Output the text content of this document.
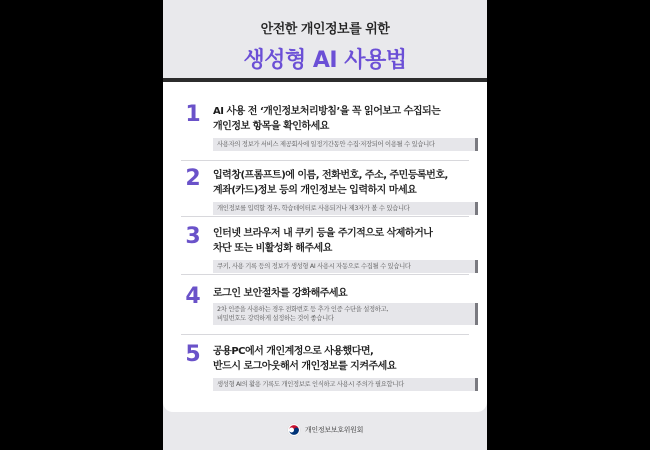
안전한 개인정보를 위한
생성형 AI 사용법
1	AI 사용 전 ‘개인정보처리방침’을 꼭 읽어보고 수집되는
개인정보 항목을 확인하세요
사용자의 정보가 서비스 제공회사에 일정기간동안 수집·저장되어 이용될 수 있습니다
2	입력창(프롬프트)에 이름, 전화번호, 주소, 주민등록번호,
계좌(카드)정보 등의 개인정보는 입력하지 마세요
개인정보를 입력할 경우, 학습데이터로 사용되거나 제3자가 볼 수 있습니다
3	인터넷 브라우저 내 쿠키 등을 주기적으로 삭제하거나
차단 또는 비활성화 해주세요
쿠키, 사용 기록 등의 정보가 생성형 AI 사용시 자동으로 수집될 수 있습니다
4	로그인 보안절차를 강화해주세요
2차 인증을 사용하는 경우 전화번호 등 추가 인증 수단을 설정하고,
비밀번호도 강력하게 설정하는 것이 좋습니다
5	공용PC에서 개인계정으로 사용했다면,
반드시 로그아웃해서 개인정보를 지켜주세요
생성형 AI의 활용 기록도 개인정보로 인식하고 사용시 주의가 필요합니다
개인정보보호위원회
